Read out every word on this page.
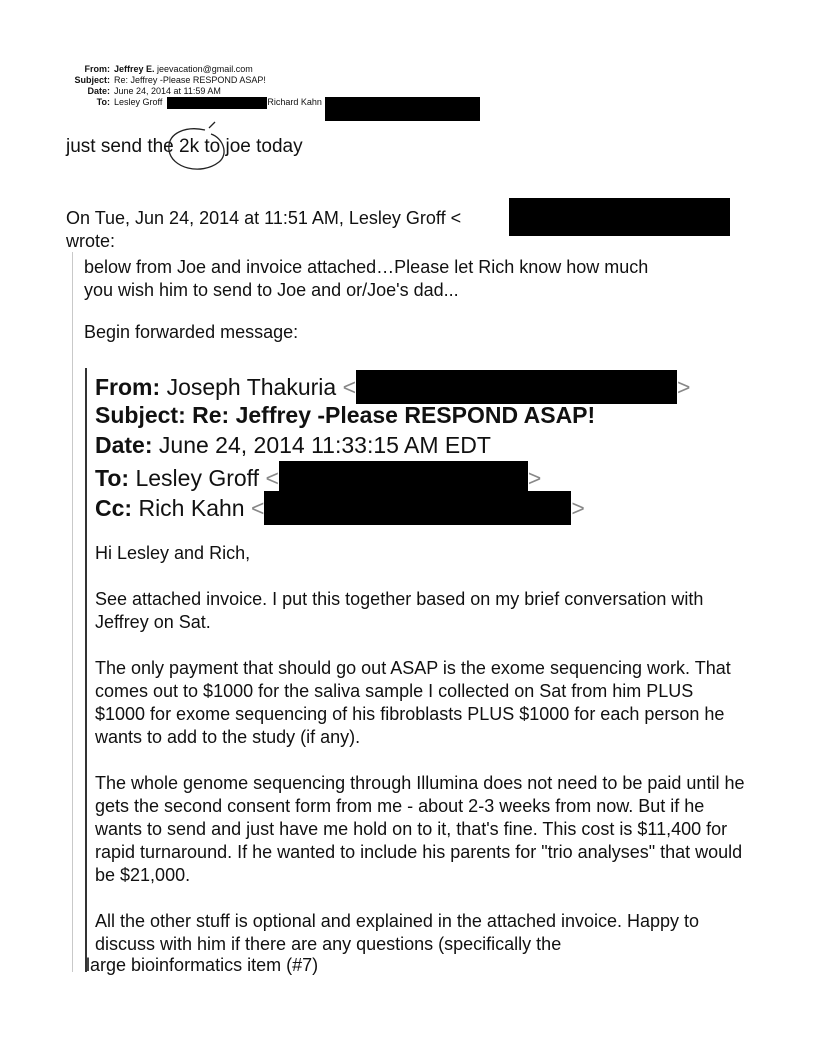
From: Jeffrey E.
jeevacation@gmail.com
Subject: Re: Jeffrey -Please RESPOND ASAP!
Date: June 24, 2014 at 11:59 AM
To: Lesley Groff	Richard Kahn
just send the 2k to joe today
On Tue, Jun 24, 2014 at 11:51 AM, Lesley Groff <
wrote:

below from Joe and invoice attached…Please let Rich know how much

you wish him to send to Joe and or/Joe's dad...

Begin forwarded message:
From: Joseph Thakuria <	>
Subject: Re: Jeffrey -Please RESPOND ASAP!
Date: June 24, 2014 11:33:15 AM EDT
To: Lesley Groff <	>
Cc: Rich Kahn <	>

Hi Lesley and Rich,

See attached invoice. I put this together based on my brief conversation with Jeffrey on Sat.

The only payment that should go out ASAP is the exome sequencing work. That comes out to $1000 for the saliva sample I collected on Sat from him PLUS $1000 for exome sequencing of his fibroblasts PLUS $1000 for each person he wants to add to the study (if any).

The whole genome sequencing through Illumina does not need to be paid until he gets the second consent form from me - about 2-3 weeks from now. But if he wants to send and just have me hold on to it, that's fine. This cost is $11,400 for rapid turnaround. If he wanted to include his parents for "trio analyses" that would be $21,000.

All the other stuff is optional and explained in the attached invoice. Happy to discuss with him if there are any questions (specifically the

large bioinformatics item (#7)
